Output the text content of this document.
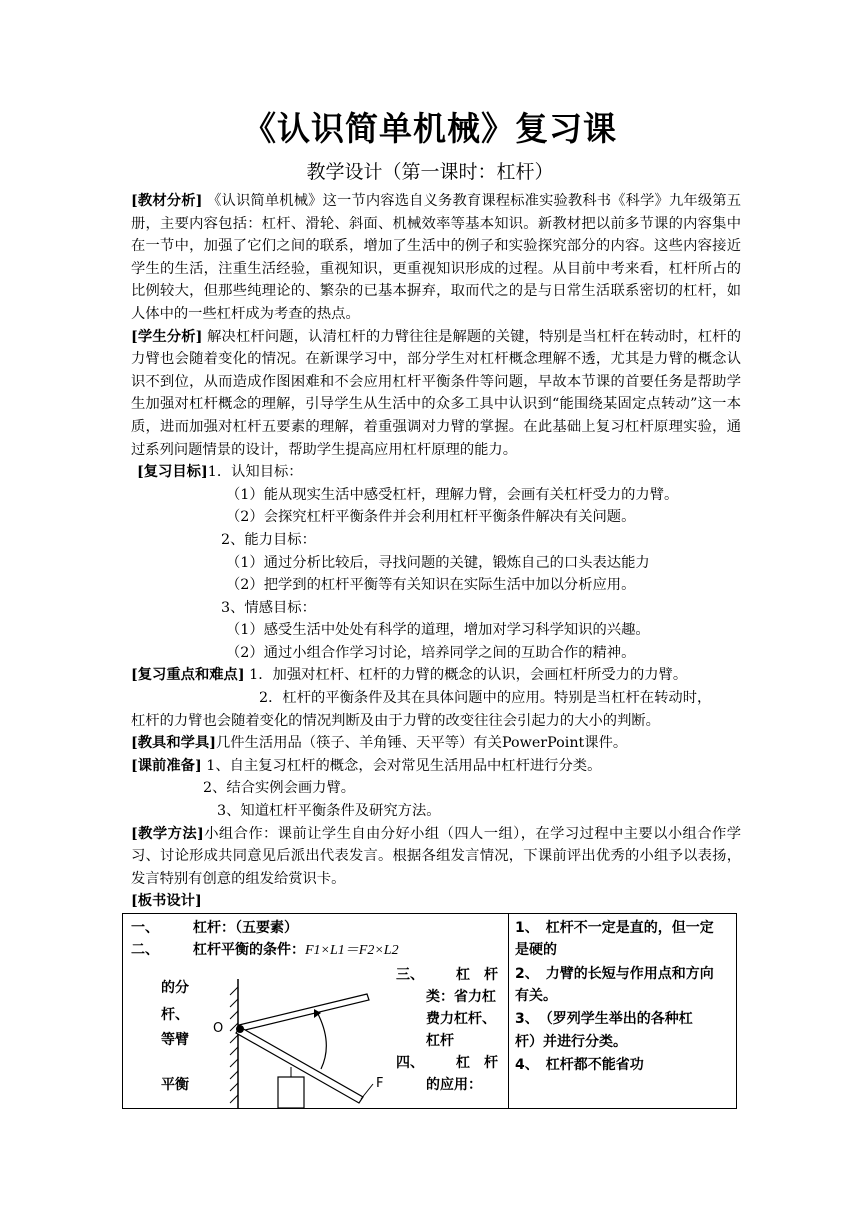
《认识简单机械》复习课
教学设计（第一课时：杠杆）

[教材分析] 《认识简单机械》这一节内容选自义务教育课程标准实验教科书《科学》九年级第五册，主要内容包括：杠杆、滑轮、斜面、机械效率等基本知识。新教材把以前多节课的内容集中在一节中，加强了它们之间的联系，增加了生活中的例子和实验探究部分的内容。这些内容接近学生的生活，注重生活经验，重视知识，更重视知识形成的过程。从目前中考来看，杠杆所占的比例较大，但那些纯理论的、繁杂的已基本摒弃，取而代之的是与日常生活联系密切的杠杆，如人体中的一些杠杆成为考查的热点。

[学生分析] 解决杠杆问题，认清杠杆的力臂往往是解题的关键，特别是当杠杆在转动时，杠杆的力臂也会随着变化的情况。在新课学习中，部分学生对杠杆概念理解不透，尤其是力臂的概念认识不到位，从而造成作图困难和不会应用杠杆平衡条件等问题，早故本节课的首要任务是帮助学生加强对杠杆概念的理解，引导学生从生活中的众多工具中认识到“能围绕某固定点转动”这一本质，进而加强对杠杆五要素的理解，着重强调对力臂的掌握。在此基础上复习杠杆原理实验，通过系列问题情景的设计，帮助学生提高应用杠杆原理的能力。

[复习目标]1．认知目标：

（1）能从现实生活中感受杠杆，理解力臂，会画有关杠杆受力的力臂。

（2）会探究杠杆平衡条件并会利用杠杆平衡条件解决有关问题。

2、能力目标：

（1）通过分析比较后，寻找问题的关键，锻炼自己的口头表达能力

（2）把学到的杠杆平衡等有关知识在实际生活中加以分析应用。

3、情感目标：

（1）感受生活中处处有科学的道理，增加对学习科学知识的兴趣。

（2）通过小组合作学习讨论，培养同学之间的互助合作的精神。

[复习重点和难点] 1．加强对杠杆、杠杆的力臂的概念的认识，会画杠杆所受力的力臂。

2．杠杆的平衡条件及其在具体问题中的应用。特别是当杠杆在转动时，

杠杆的力臂也会随着变化的情况判断及由于力臂的改变往往会引起力的大小的判断。

[教具和学具]几件生活用品（筷子、羊角锤、天平等）有关PowerPoint课件。

[课前准备] 1、自主复习杠杆的概念，会对常见生活用品中杠杆进行分类。

2、结合实例会画力臂。

3、知道杠杆平衡条件及研究方法。

[教学方法]小组合作：课前让学生自由分好小组（四人一组），在学习过程中主要以小组合作学习、讨论形成共同意见后派出代表发言。根据各组发言情况，下课前评出优秀的小组予以表扬，发言特别有创意的组发给赏识卡。

[板书设计]

一、 杠杆：（五要素）
二、 杠杆平衡的条件：F1×L1＝F2×L2
的分
杆、
等臂
平衡
O
F
三、 杠　杆
类：省力杠
费力杠杆、
杠杆
四、 杠　杆
的应用：
1、　杠杆不一定是直的，但一定
是硬的
2、　力臂的长短与作用点和方向
有关。
3、　（罗列学生举出的各种杠
杆）并进行分类。
4、　杠杆都不能省功
